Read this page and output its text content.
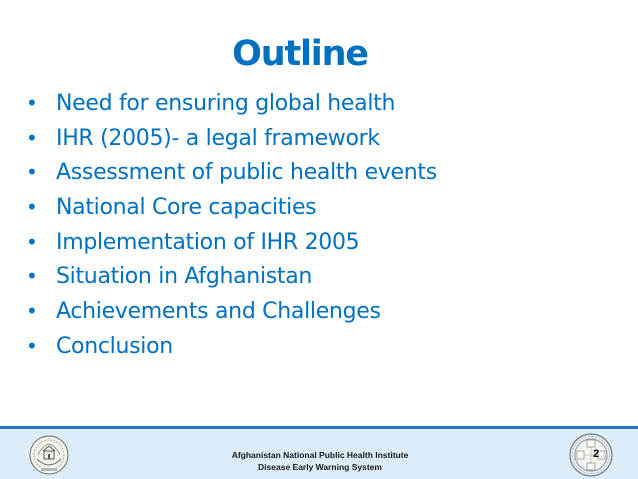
Outline
• Need for ensuring global health
• IHR (2005)- a legal framework
• Assessment of public health events
• National Core capacities
• Implementation of IHR 2005
• Situation in Afghanistan
• Achievements and Challenges
• Conclusion
2
Afghanistan National Public Health Institute
Disease Early Warning System
